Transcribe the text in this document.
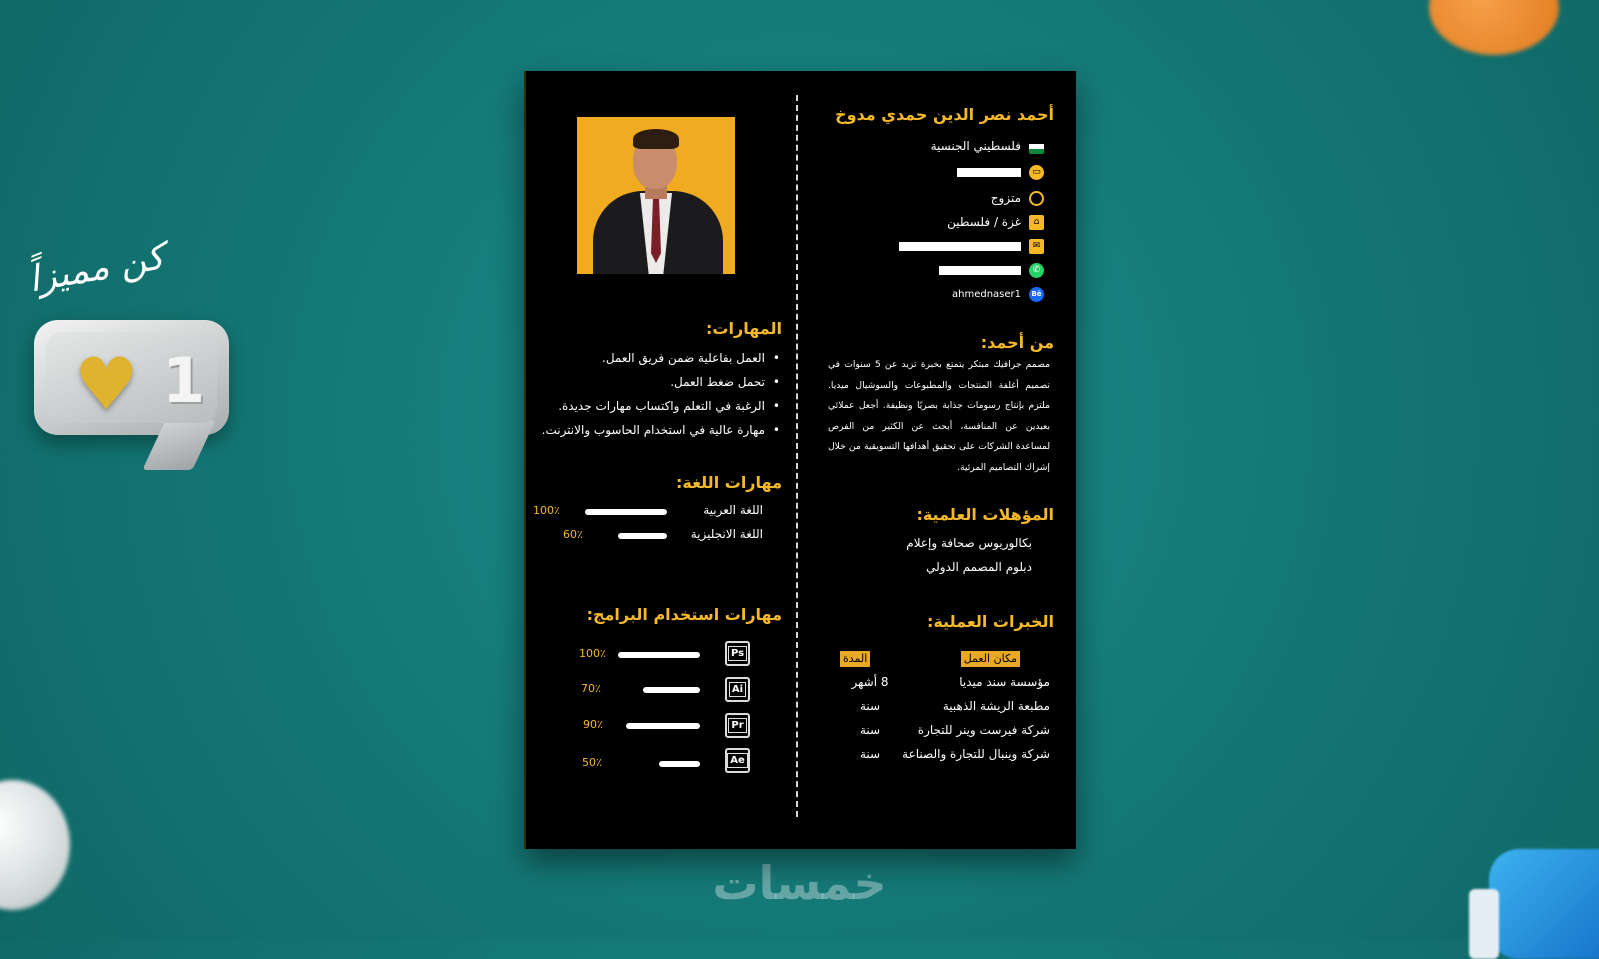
كن مميزاً
♥ 1
خمسات
أحمد نصر الدين حمدي مدوخ
فلسطيني الجنسية
▭
متزوج
⌂
غزة / فلسطين
✉
✆
Bē
ahmednaser1
من أحمد:
مصمم جرافيك مبتكر يتمتع بخبرة تزيد عن 5 سنوات في تصميم أغلفة المنتجات والمطبوعات والسوشيال ميديا. ملتزم بإنتاج رسومات جذابة بصريًا ونظيفة. أجعل عملائي بعيدين عن المنافسة، أبحث عن الكثير من الفرص لمساعدة الشركات على تحقيق أهدافها التسويقية من خلال إشراك التصاميم المرئية.
المؤهلات العلمية:
بكالوريوس صحافة وإعلام
دبلوم المصمم الدولي
الخبرات العملية:
مكان العمل
المدة
مؤسسة سند ميديا
8 أشهر
مطبعة الريشة الذهبية
سنة
شركة فيرست وينر للتجارة
سنة
شركة وينبال للتجارة والصناعة
سنة
المهارات:
• العمل بفاعلية ضمن فريق العمل.
• تحمل ضغط العمل.
• الرغبة في التعلم واكتساب مهارات جديدة.
• مهارة عالية في استخدام الحاسوب والانترنت.
مهارات اللغة:
اللغة العربية
100٪
اللغة الانجليزية
60٪
مهارات استخدام البرامج:
Ps
100٪
Ai
70٪
Pr
90٪
Ae
50٪
